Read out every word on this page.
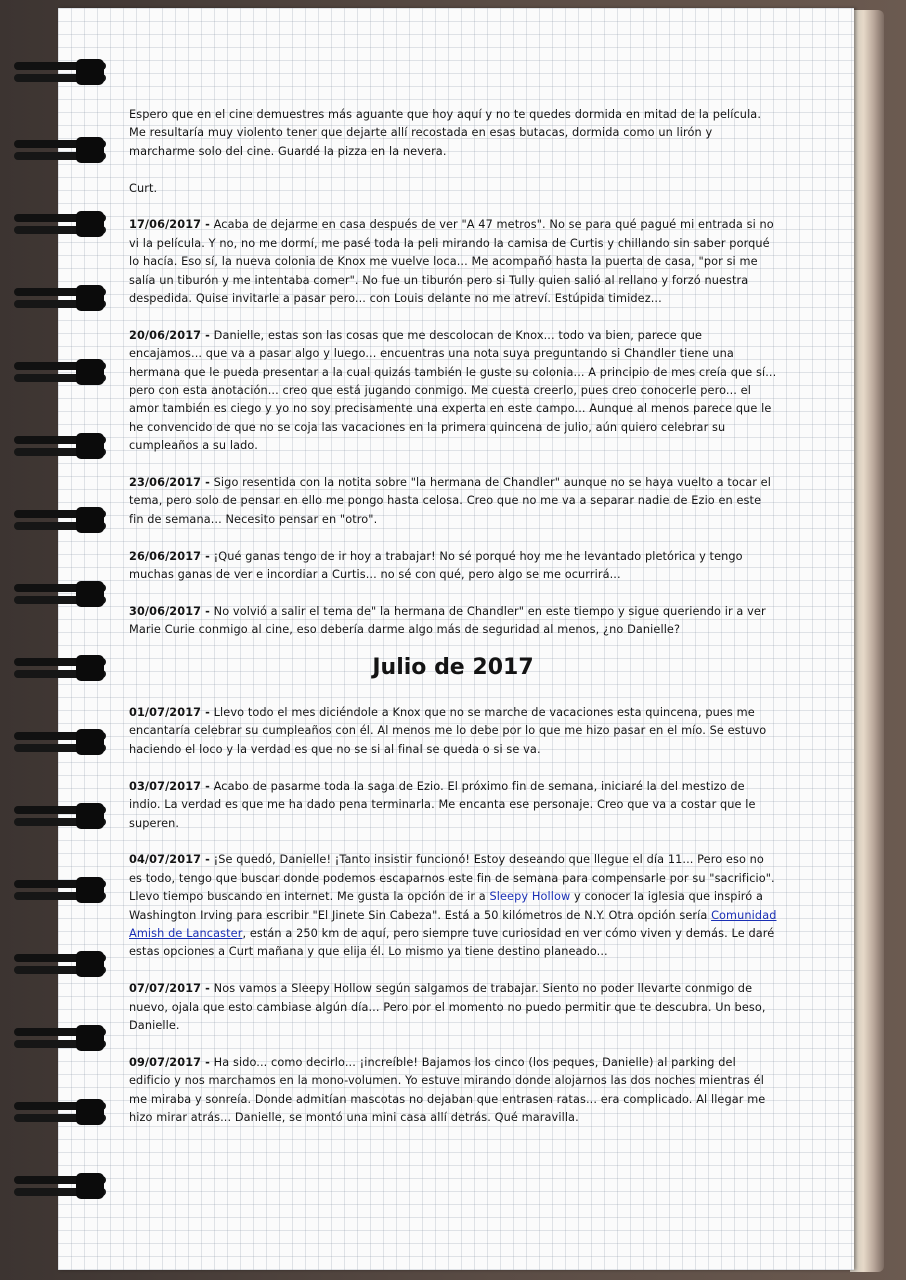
Espero que en el cine demuestres más aguante que hoy aquí y no te quedes dormida en mitad de la película. Me resultaría muy violento tener que dejarte allí recostada en esas butacas, dormida como un lirón y marcharme solo del cine. Guardé la pizza en la nevera.

Curt.

17/06/2017 - Acaba de dejarme en casa después de ver "A 47 metros". No se para qué pagué mi entrada si no vi la película. Y no, no me dormí, me pasé toda la peli mirando la camisa de Curtis y chillando sin saber porqué lo hacía. Eso sí, la nueva colonia de Knox me vuelve loca... Me acompañó hasta la puerta de casa, "por si me salía un tiburón y me intentaba comer". No fue un tiburón pero si Tully quien salió al rellano y forzó nuestra despedida. Quise invitarle a pasar pero... con Louis delante no me atreví. Estúpida timidez...

20/06/2017 - Danielle, estas son las cosas que me descolocan de Knox... todo va bien, parece que encajamos... que va a pasar algo y luego... encuentras una nota suya preguntando si Chandler tiene una hermana que le pueda presentar a la cual quizás también le guste su colonia... A principio de mes creía que sí... pero con esta anotación... creo que está jugando conmigo. Me cuesta creerlo, pues creo conocerle pero... el amor también es ciego y yo no soy precisamente una experta en este campo... Aunque al menos parece que le he convencido de que no se coja las vacaciones en la primera quincena de julio, aún quiero celebrar su cumpleaños a su lado.

23/06/2017 - Sigo resentida con la notita sobre "la hermana de Chandler" aunque no se haya vuelto a tocar el tema, pero solo de pensar en ello me pongo hasta celosa. Creo que no me va a separar nadie de Ezio en este fin de semana... Necesito pensar en "otro".

26/06/2017 - ¡Qué ganas tengo de ir hoy a trabajar! No sé porqué hoy me he levantado pletórica y tengo muchas ganas de ver e incordiar a Curtis... no sé con qué, pero algo se me ocurrirá...

30/06/2017 - No volvió a salir el tema de" la hermana de Chandler" en este tiempo y sigue queriendo ir a ver Marie Curie conmigo al cine, eso debería darme algo más de seguridad al menos, ¿no Danielle?

Julio de 2017

01/07/2017 - Llevo todo el mes diciéndole a Knox que no se marche de vacaciones esta quincena, pues me encantaría celebrar su cumpleaños con él. Al menos me lo debe por lo que me hizo pasar en el mío. Se estuvo haciendo el loco y la verdad es que no se si al final se queda o si se va.

03/07/2017 - Acabo de pasarme toda la saga de Ezio. El próximo fin de semana, iniciaré la del mestizo de indio. La verdad es que me ha dado pena terminarla. Me encanta ese personaje. Creo que va a costar que le superen.

04/07/2017 - ¡Se quedó, Danielle! ¡Tanto insistir funcionó! Estoy deseando que llegue el día 11... Pero eso no es todo, tengo que buscar donde podemos escaparnos este fin de semana para compensarle por su "sacrificio". Llevo tiempo buscando en internet. Me gusta la opción de ir a Sleepy Hollow y conocer la iglesia que inspiró a Washington Irving para escribir "El Jinete Sin Cabeza". Está a 50 kilómetros de N.Y. Otra opción sería Comunidad Amish de Lancaster, están a 250 km de aquí, pero siempre tuve curiosidad en ver cómo viven y demás. Le daré estas opciones a Curt mañana y que elija él. Lo mismo ya tiene destino planeado...

07/07/2017 - Nos vamos a Sleepy Hollow según salgamos de trabajar. Siento no poder llevarte conmigo de nuevo, ojala que esto cambiase algún día... Pero por el momento no puedo permitir que te descubra. Un beso, Danielle.

09/07/2017 - Ha sido... como decirlo... ¡increíble! Bajamos los cinco (los peques, Danielle) al parking del edificio y nos marchamos en la mono-volumen. Yo estuve mirando donde alojarnos las dos noches mientras él me miraba y sonreía. Donde admitían mascotas no dejaban que entrasen ratas... era complicado. Al llegar me hizo mirar atrás... Danielle, se montó una mini casa allí detrás. Qué maravilla.
